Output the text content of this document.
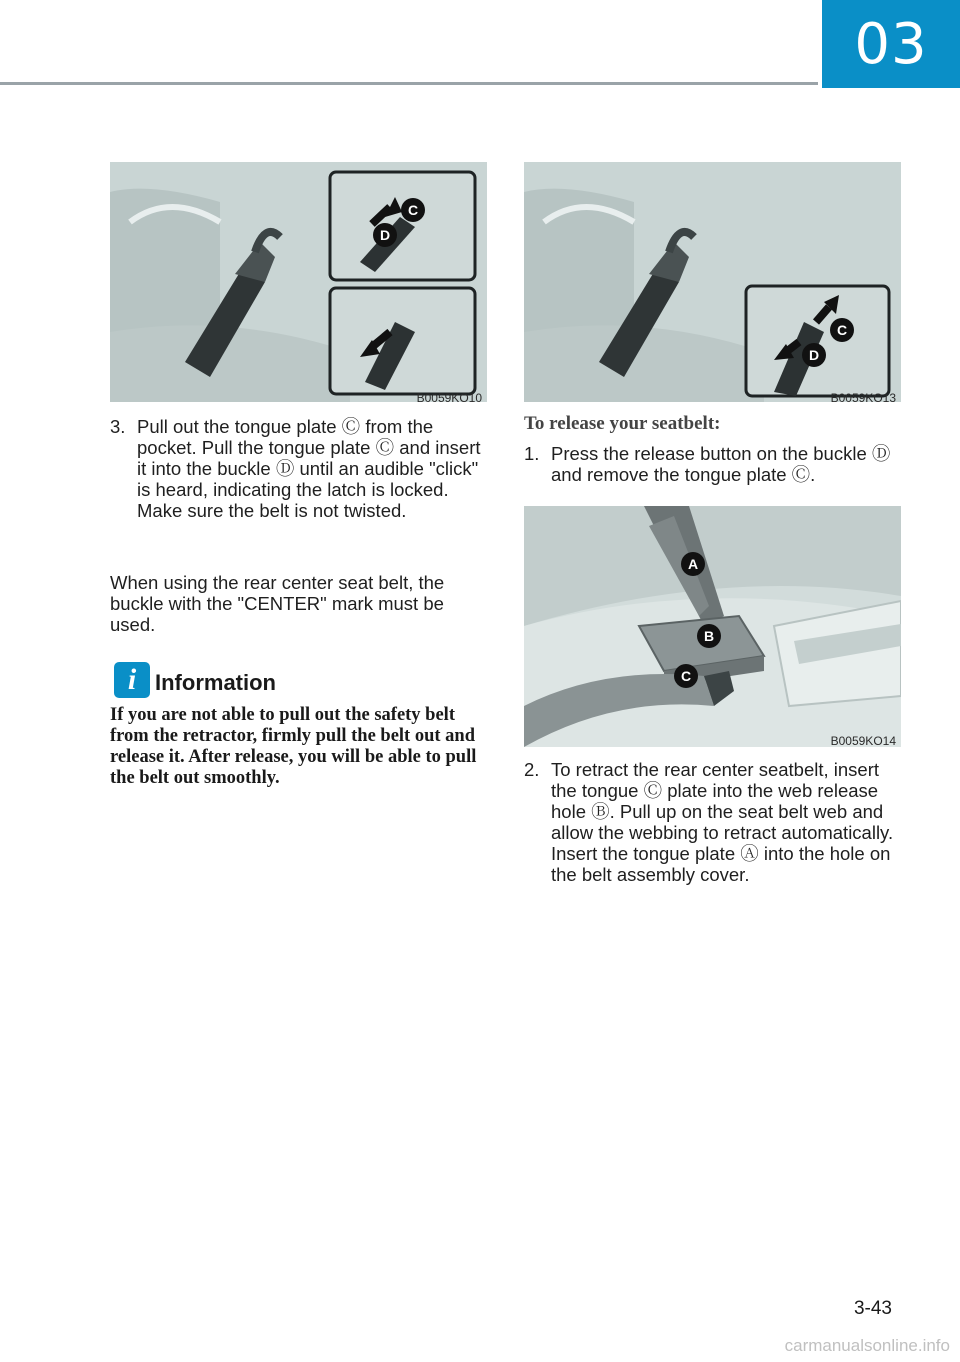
03
C
D
B0059KO10
C
D
B0059KO13
A
B
C
B0059KO14
3. Pull out the tongue plate Ⓒ from the pocket. Pull the tongue plate Ⓒ and insert it into the buckle Ⓓ until an audible "click" is heard, indicating the latch is locked. Make sure the belt is not twisted.
When using the rear center seat belt, the buckle with the "CENTER" mark must be used.
i Information
If you are not able to pull out the safety belt from the retractor, firmly pull the belt out and release it. After release, you will be able to pull the belt out smoothly.
To release your seatbelt:
1. Press the release button on the buckle Ⓓ and remove the tongue plate Ⓒ.
2. To retract the rear center seatbelt, insert the tongue Ⓒ plate into the web release hole Ⓑ. Pull up on the seat belt web and allow the webbing to retract automatically. Insert the tongue plate Ⓐ into the hole on the belt assembly cover.
3-43
carmanualsonline.info
